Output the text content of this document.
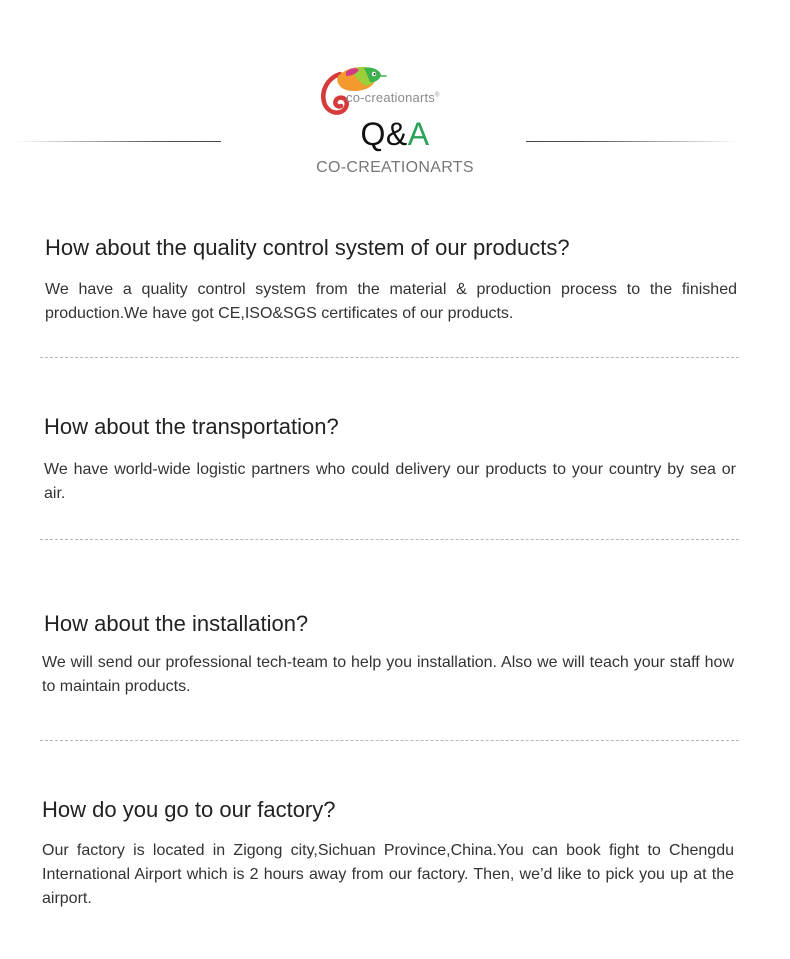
co-creationarts®
Q&A
CO-CREATIONARTS
How about the quality control system of our products?

We have a quality control system from the material & production process to the finished production.We have got CE,ISO&SGS certificates of our products.

How about the transportation?

We have world-wide logistic partners who could delivery our products to your country by sea or air.

How about the installation?

We will send our professional tech-team to help you installation. Also we will teach your staff how to maintain products.

How do you go to our factory?

Our factory is located in Zigong city,Sichuan Province,China.You can book fight to Chengdu International Airport which is 2 hours away from our factory. Then, we’d like to pick you up at the airport.
